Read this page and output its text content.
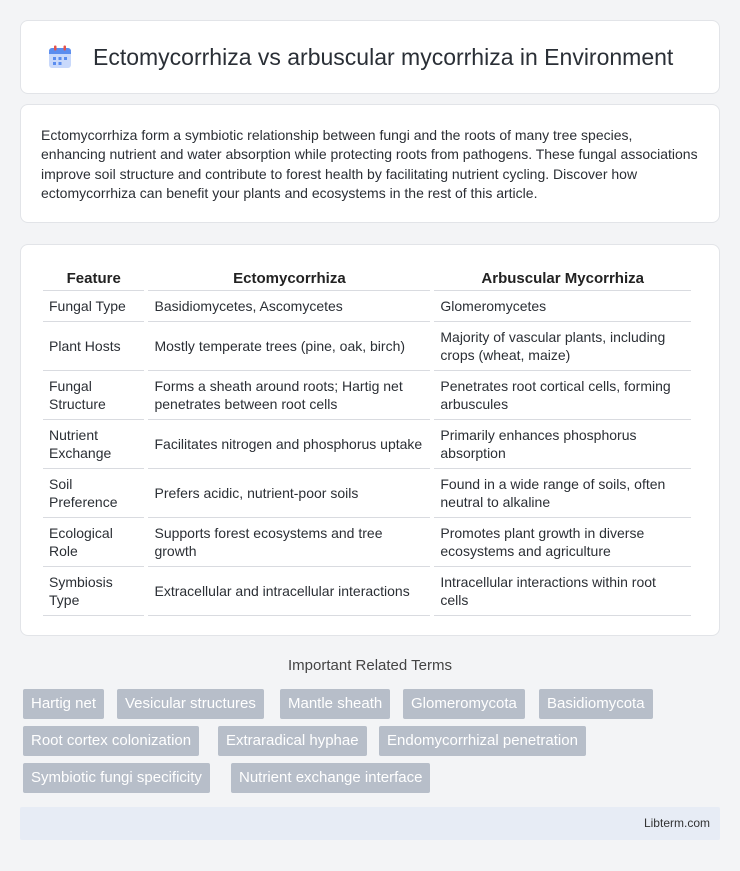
Ectomycorrhiza vs arbuscular mycorrhiza in Environment

Ectomycorrhiza form a symbiotic relationship between fungi and the roots of many tree species, enhancing nutrient and water absorption while protecting roots from pathogens. These fungal associations improve soil structure and contribute to forest health by facilitating nutrient cycling. Discover how ectomycorrhiza can benefit your plants and ecosystems in the rest of this article.

Feature	Ectomycorrhiza	Arbuscular Mycorrhiza
Fungal Type	Basidiomycetes, Ascomycetes	Glomeromycetes
Plant Hosts	Mostly temperate trees (pine, oak, birch)	Majority of vascular plants, including crops (wheat, maize)
Fungal Structure	Forms a sheath around roots; Hartig net penetrates between root cells	Penetrates root cortical cells, forming arbuscules
Nutrient Exchange	Facilitates nitrogen and phosphorus uptake	Primarily enhances phosphorus absorption
Soil Preference	Prefers acidic, nutrient-poor soils	Found in a wide range of soils, often neutral to alkaline
Ecological Role	Supports forest ecosystems and tree growth	Promotes plant growth in diverse ecosystems and agriculture
Symbiosis Type	Extracellular and intracellular interactions	Intracellular interactions within root cells
Important Related Terms
Hartig net	Vesicular structures	Mantle sheath	Glomeromycota	Basidiomycota
Root cortex colonization	Extraradical hyphae	Endomycorrhizal penetration
Symbiotic fungi specificity	Nutrient exchange interface
Libterm.com
